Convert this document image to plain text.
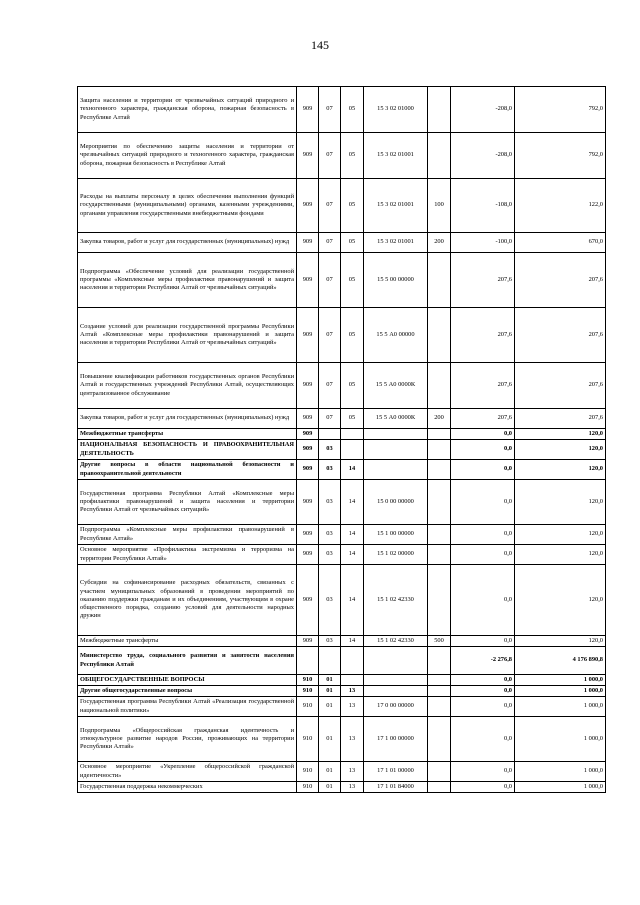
145
Защита населения и территории от чрезвычайных ситуаций природного и техногенного характера, гражданская оборона, пожарная безопасность в Республике Алтай	909	07	05	15 3 02 01000		-208,0	792,0
Мероприятия по обеспечению защиты населения и территории от чрезвычайных ситуаций природного и техногенного характера, гражданская оборона, пожарная безопасность в Республике Алтай	909	07	05	15 3 02 01001		-208,0	792,0
Расходы на выплаты персоналу в целях обеспечения выполнения функций государственными (муниципальными) органами, казенными учреждениями, органами управления государственными внебюджетными фондами	909	07	05	15 3 02 01001	100	-108,0	122,0
Закупка товаров, работ и услуг для государственных (муниципальных) нужд	909	07	05	15 3 02 01001	200	-100,0	670,0
Подпрограмма «Обеспечение условий для реализации государственной программы «Комплексные меры профилактики правонарушений и защита населения и территории Республики Алтай от чрезвычайных ситуаций»	909	07	05	15 5 00 00000		207,6	207,6
Создание условий для реализации государственной программы Республики Алтай «Комплексные меры профилактики правонарушений и защита населения и территории Республики Алтай от чрезвычайных ситуаций»	909	07	05	15 5 А0 00000		207,6	207,6
Повышение квалификации работников государственных органов Республики Алтай и государственных учреждений Республики Алтай, осуществляющих централизованное обслуживание	909	07	05	15 5 А0 0000К		207,6	207,6
Закупка товаров, работ и услуг для государственных (муниципальных) нужд	909	07	05	15 5 А0 0000К	200	207,6	207,6
Межбюджетные трансферты	909					0,0	120,0
НАЦИОНАЛЬНАЯ БЕЗОПАСНОСТЬ И ПРАВООХРАНИТЕЛЬНАЯ ДЕЯТЕЛЬНОСТЬ	909	03				0,0	120,0
Другие вопросы в области национальной безопасности и правоохранительной деятельности	909	03	14			0,0	120,0
Государственная программа Республики Алтай «Комплексные меры профилактики правонарушений и защита населения и территории Республики Алтай от чрезвычайных ситуаций»	909	03	14	15 0 00 00000		0,0	120,0
Подпрограмма «Комплексные меры профилактики правонарушений в Республике Алтай»	909	03	14	15 1 00 00000		0,0	120,0
Основное мероприятие «Профилактика экстремизма и терроризма на территории Республики Алтай»	909	03	14	15 1 02 00000		0,0	120,0
Субсидии на софинансирование расходных обязательств, связанных с участием муниципальных образований в проведении мероприятий по оказанию поддержки гражданам и их объединениям, участвующим в охране общественного порядка, созданию условий для деятельности народных дружин	909	03	14	15 1 02 42330		0,0	120,0
Межбюджетные трансферты	909	03	14	15 1 02 42330	500	0,0	120,0
Министерство труда, социального развития и занятости населения Республики Алтай						-2 276,8	4 176 890,8
ОБЩЕГОСУДАРСТВЕННЫЕ ВОПРОСЫ	910	01				0,0	1 000,0
Другие общегосударственные вопросы	910	01	13			0,0	1 000,0
Государственная программа Республики Алтай «Реализация государственной национальной политики»	910	01	13	17 0 00 00000		0,0	1 000,0
Подпрограмма «Общероссийская гражданская идентичность и этнокультурное развитие народов России, проживающих на территории Республики Алтай»	910	01	13	17 1 00 00000		0,0	1 000,0
Основное мероприятие «Укрепление общероссийской гражданской идентичности»	910	01	13	17 1 01 00000		0,0	1 000,0
Государственная поддержка некоммерческих	910	01	13	17 1 01 84000		0,0	1 000,0
